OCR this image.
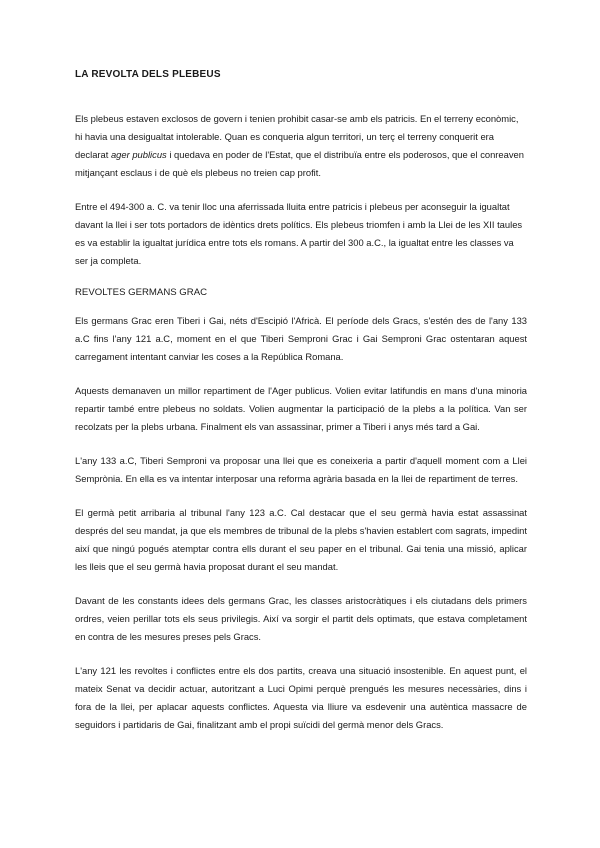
LA REVOLTA DELS PLEBEUS

Els plebeus estaven exclosos de govern i tenien prohibit casar-se amb els patricis. En el terreny econòmic, hi havia una desigualtat intolerable. Quan es conqueria algun territori, un terç el terreny conquerit era declarat ager publicus i quedava en poder de l'Estat, que el distribuïa entre els poderosos, que el conreaven mitjançant esclaus i de què els plebeus no treien cap profit.

Entre el 494-300 a. C. va tenir lloc una aferrissada lluita entre patricis i plebeus per aconseguir la igualtat davant la llei i ser tots portadors de idèntics drets polítics. Els plebeus triomfen i amb la Llei de les XII taules es va establir la igualtat jurídica entre tots els romans. A partir del 300 a.C., la igualtat entre les classes va ser ja completa.

REVOLTES GERMANS GRAC

Els germans Grac eren Tiberi i Gai, néts d'Escipió l'Africà. El període dels Gracs, s'estén des de l'any 133 a.C fins l'any 121 a.C, moment en el que Tiberi Semproni Grac i Gai Semproni Grac ostentaran aquest carregament intentant canviar les coses a la República Romana.

Aquests demanaven un millor repartiment de l'Ager publicus. Volien evitar latifundis en mans d'una minoria repartir també entre plebeus no soldats. Volien augmentar la participació de la plebs a la política. Van ser recolzats per la plebs urbana. Finalment els van assassinar, primer a Tiberi i anys més tard a Gai.

L'any 133 a.C, Tiberi Semproni va proposar una llei que es coneixeria a partir d'aquell moment com a Llei Semprònia. En ella es va intentar interposar una reforma agrària basada en la llei de repartiment de terres.

El germà petit arribaria al tribunal l'any 123 a.C. Cal destacar que el seu germà havia estat assassinat després del seu mandat, ja que els membres de tribunal de la plebs s'havien establert com sagrats, impedint així que ningú pogués atemptar contra ells durant el seu paper en el tribunal. Gai tenia una missió, aplicar les lleis que el seu germà havia proposat durant el seu mandat.

Davant de les constants idees dels germans Grac, les classes aristocràtiques i els ciutadans dels primers ordres, veien perillar tots els seus privilegis. Així va sorgir el partit dels optimats, que estava completament en contra de les mesures preses pels Gracs.

L'any 121 les revoltes i conflictes entre els dos partits, creava una situació insostenible. En aquest punt, el mateix Senat va decidir actuar, autoritzant a Luci Opimi perquè prengués les mesures necessàries, dins i fora de la llei, per aplacar aquests conflictes. Aquesta via lliure va esdevenir una autèntica massacre de seguidors i partidaris de Gai, finalitzant amb el propi suïcidi del germà menor dels Gracs.
